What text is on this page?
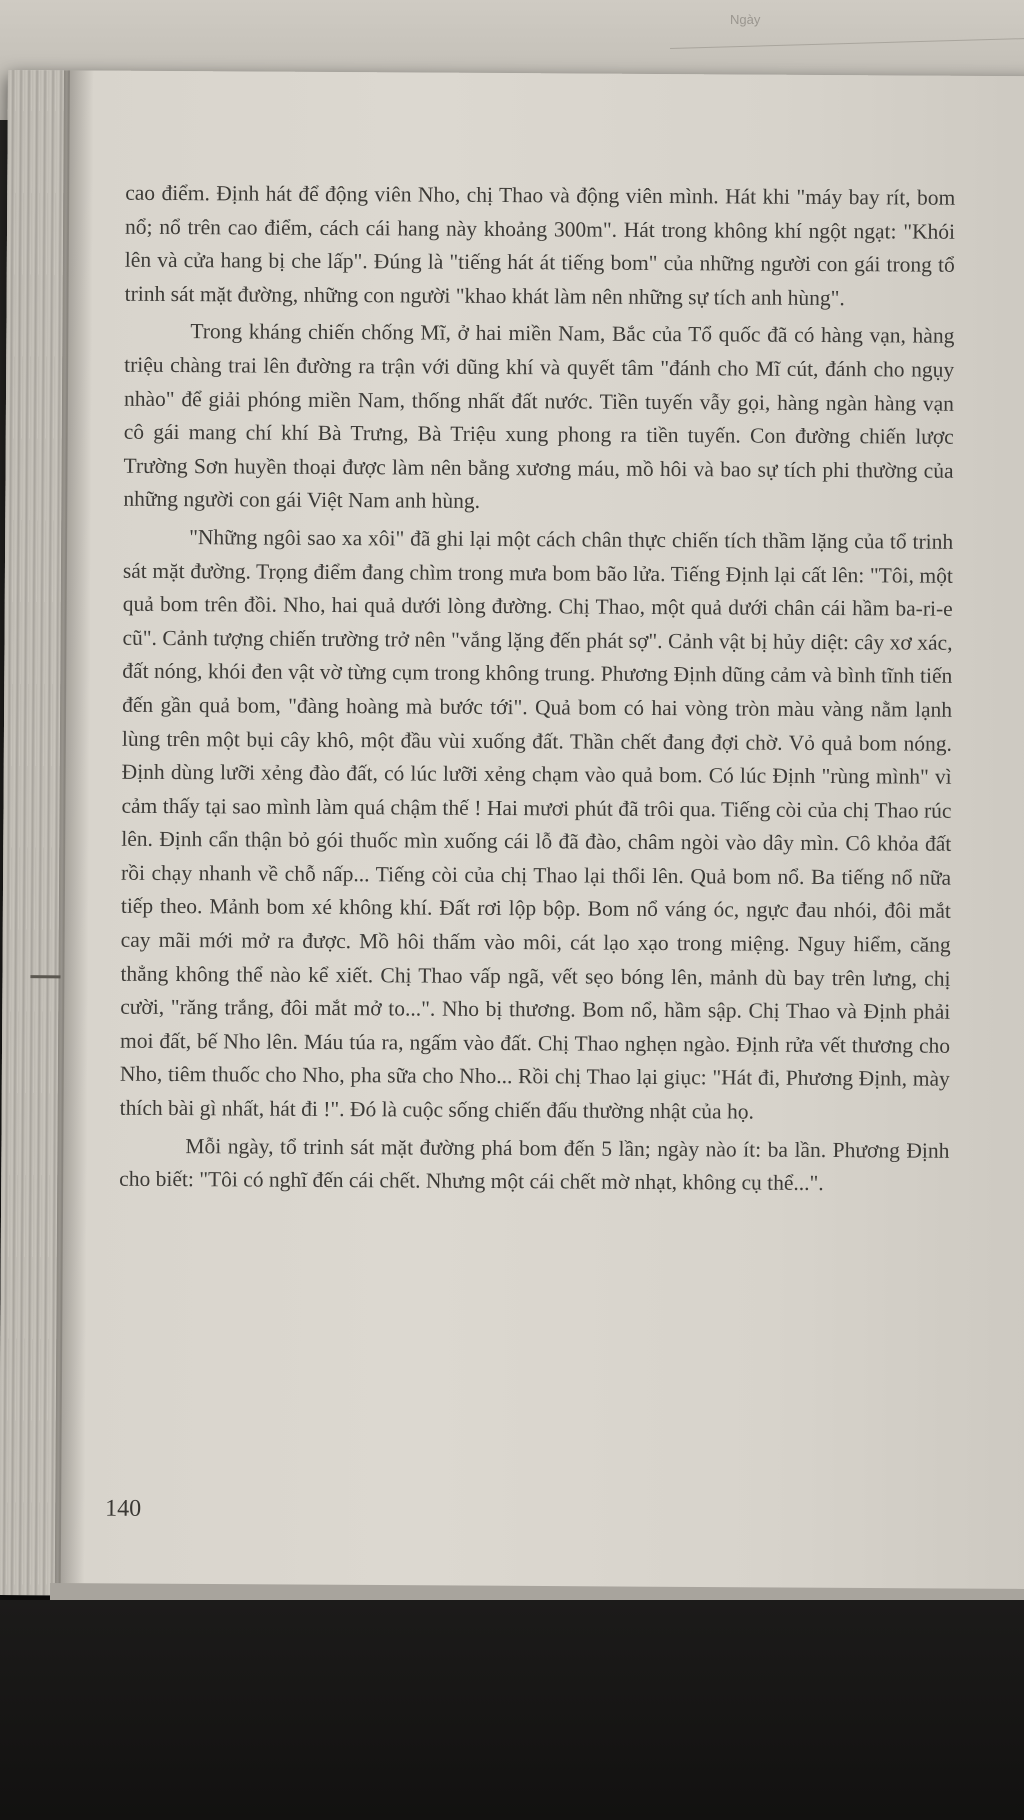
Ngày

cao điểm. Định hát để động viên Nho, chị Thao và động viên mình. Hát khi "máy bay rít, bom nổ; nổ trên cao điểm, cách cái hang này khoảng 300m". Hát trong không khí ngột ngạt: "Khói lên và cửa hang bị che lấp". Đúng là "tiếng hát át tiếng bom" của những người con gái trong tổ trinh sát mặt đường, những con người "khao khát làm nên những sự tích anh hùng".

Trong kháng chiến chống Mĩ, ở hai miền Nam, Bắc của Tổ quốc đã có hàng vạn, hàng triệu chàng trai lên đường ra trận với dũng khí và quyết tâm "đánh cho Mĩ cút, đánh cho ngụy nhào" để giải phóng miền Nam, thống nhất đất nước. Tiền tuyến vẫy gọi, hàng ngàn hàng vạn cô gái mang chí khí Bà Trưng, Bà Triệu xung phong ra tiền tuyến. Con đường chiến lược Trường Sơn huyền thoại được làm nên bằng xương máu, mồ hôi và bao sự tích phi thường của những người con gái Việt Nam anh hùng.

"Những ngôi sao xa xôi" đã ghi lại một cách chân thực chiến tích thầm lặng của tổ trinh sát mặt đường. Trọng điểm đang chìm trong mưa bom bão lửa. Tiếng Định lại cất lên: "Tôi, một quả bom trên đồi. Nho, hai quả dưới lòng đường. Chị Thao, một quả dưới chân cái hầm ba-ri-e cũ". Cảnh tượng chiến trường trở nên "vắng lặng đến phát sợ". Cảnh vật bị hủy diệt: cây xơ xác, đất nóng, khói đen vật vờ từng cụm trong không trung. Phương Định dũng cảm và bình tĩnh tiến đến gần quả bom, "đàng hoàng mà bước tới". Quả bom có hai vòng tròn màu vàng nằm lạnh lùng trên một bụi cây khô, một đầu vùi xuống đất. Thần chết đang đợi chờ. Vỏ quả bom nóng. Định dùng lưỡi xẻng đào đất, có lúc lưỡi xẻng chạm vào quả bom. Có lúc Định "rùng mình" vì cảm thấy tại sao mình làm quá chậm thế ! Hai mươi phút đã trôi qua. Tiếng còi của chị Thao rúc lên. Định cẩn thận bỏ gói thuốc mìn xuống cái lỗ đã đào, châm ngòi vào dây mìn. Cô khỏa đất rồi chạy nhanh về chỗ nấp... Tiếng còi của chị Thao lại thổi lên. Quả bom nổ. Ba tiếng nổ nữa tiếp theo. Mảnh bom xé không khí. Đất rơi lộp bộp. Bom nổ váng óc, ngực đau nhói, đôi mắt cay mãi mới mở ra được. Mồ hôi thấm vào môi, cát lạo xạo trong miệng. Nguy hiểm, căng thẳng không thể nào kể xiết. Chị Thao vấp ngã, vết sẹo bóng lên, mảnh dù bay trên lưng, chị cười, "răng trắng, đôi mắt mở to...". Nho bị thương. Bom nổ, hầm sập. Chị Thao và Định phải moi đất, bế Nho lên. Máu túa ra, ngấm vào đất. Chị Thao nghẹn ngào. Định rửa vết thương cho Nho, tiêm thuốc cho Nho, pha sữa cho Nho... Rồi chị Thao lại giục: "Hát đi, Phương Định, mày thích bài gì nhất, hát đi !". Đó là cuộc sống chiến đấu thường nhật của họ.

Mỗi ngày, tổ trinh sát mặt đường phá bom đến 5 lần; ngày nào ít: ba lần. Phương Định cho biết: "Tôi có nghĩ đến cái chết. Nhưng một cái chết mờ nhạt, không cụ thể...".

140
